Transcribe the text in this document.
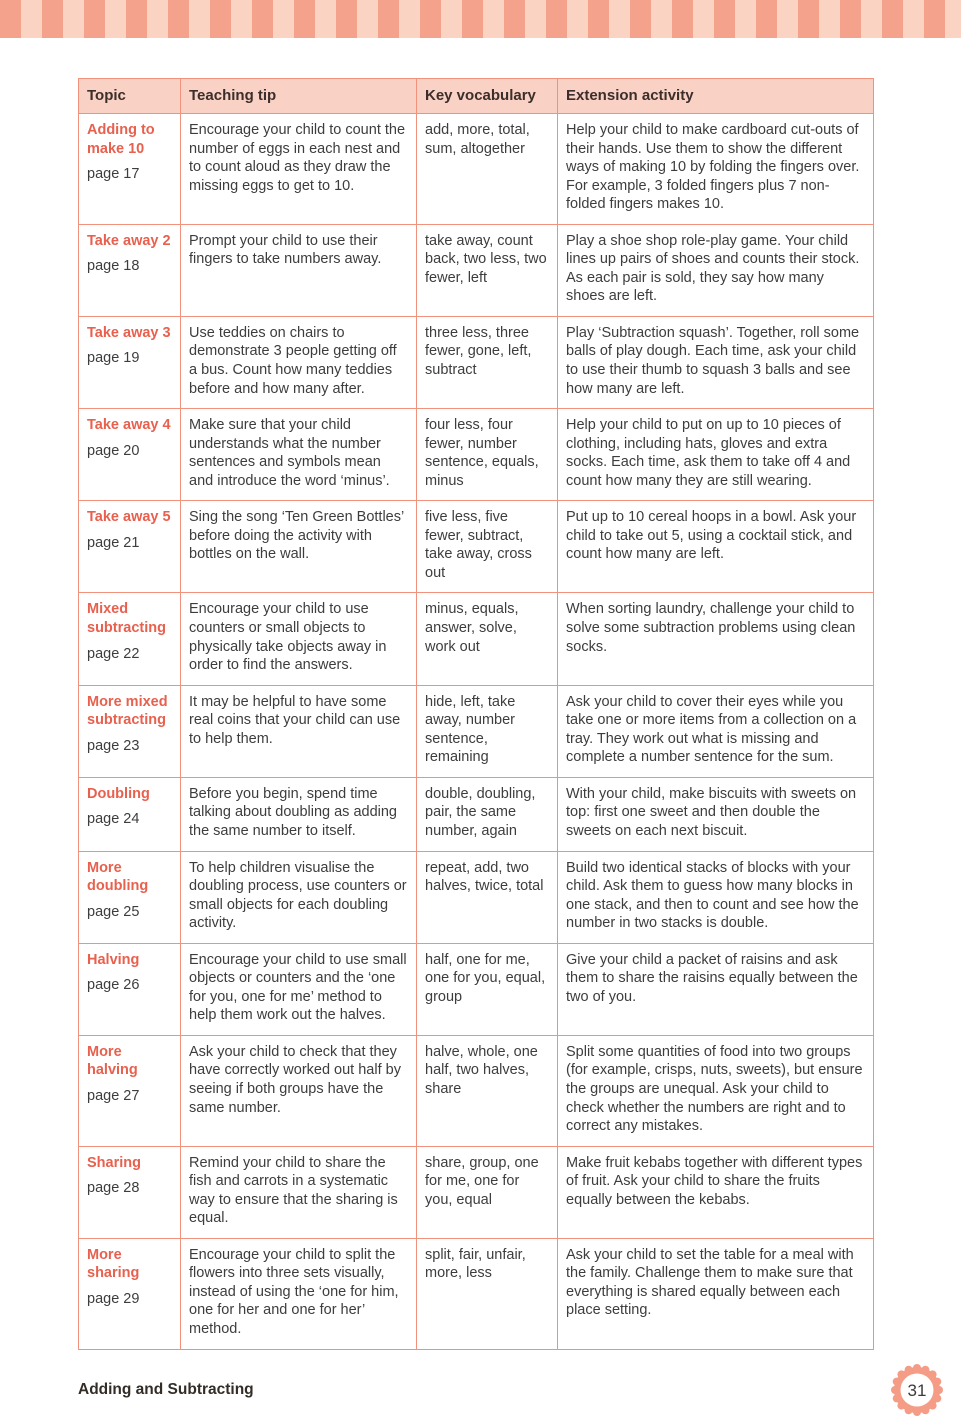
Topic	Teaching tip	Key vocabulary	Extension activity

Adding to make 10
page 17	Encourage your child to count the number of eggs in each nest and to count aloud as they draw the missing eggs to get to 10.	add, more, total, sum, altogether	Help your child to make cardboard cut-outs of their hands. Use them to show the different ways of making 10 by folding the fingers over. For example, 3 folded fingers plus 7 non-folded fingers makes 10.

Take away 2
page 18	Prompt your child to use their fingers to take numbers away.	take away, count back, two less, two fewer, left	Play a shoe shop role-play game. Your child lines up pairs of shoes and counts their stock. As each pair is sold, they say how many shoes are left.

Take away 3
page 19	Use teddies on chairs to demonstrate 3 people getting off a bus. Count how many teddies before and how many after.	three less, three fewer, gone, left, subtract	Play ‘Subtraction squash’. Together, roll some balls of play dough. Each time, ask your child to use their thumb to squash 3 balls and see how many are left.

Take away 4
page 20	Make sure that your child understands what the number sentences and symbols mean and introduce the word ‘minus’.	four less, four fewer, number sentence, equals, minus	Help your child to put on up to 10 pieces of clothing, including hats, gloves and extra socks. Each time, ask them to take off 4 and count how many they are still wearing.

Take away 5
page 21	Sing the song ‘Ten Green Bottles’ before doing the activity with bottles on the wall.	five less, five fewer, subtract, take away, cross out	Put up to 10 cereal hoops in a bowl. Ask your child to take out 5, using a cocktail stick, and count how many are left.

Mixed subtracting
page 22	Encourage your child to use counters or small objects to physically take objects away in order to find the answers.	minus, equals, answer, solve, work out	When sorting laundry, challenge your child to solve some subtraction problems using clean socks.

More mixed subtracting
page 23	It may be helpful to have some real coins that your child can use to help them.	hide, left, take away, number sentence, remaining	Ask your child to cover their eyes while you take one or more items from a collection on a tray. They work out what is missing and complete a number sentence for the sum.

Doubling
page 24	Before you begin, spend time talking about doubling as adding the same number to itself.	double, doubling, pair, the same number, again	With your child, make biscuits with sweets on top: first one sweet and then double the sweets on each next biscuit.

More doubling
page 25	To help children visualise the doubling process, use counters or small objects for each doubling activity.	repeat, add, two halves, twice, total	Build two identical stacks of blocks with your child. Ask them to guess how many blocks in one stack, and then to count and see how the number in two stacks is double.

Halving
page 26	Encourage your child to use small objects or counters and the ‘one for you, one for me’ method to help them work out the halves.	half, one for me, one for you, equal, group	Give your child a packet of raisins and ask them to share the raisins equally between the two of you.

More halving
page 27	Ask your child to check that they have correctly worked out half by seeing if both groups have the same number.	halve, whole, one half, two halves, share	Split some quantities of food into two groups (for example, crisps, nuts, sweets), but ensure the groups are unequal. Ask your child to check whether the numbers are right and to correct any mistakes.

Sharing
page 28	Remind your child to share the fish and carrots in a systematic way to ensure that the sharing is equal.	share, group, one for me, one for you, equal	Make fruit kebabs together with different types of fruit. Ask your child to share the fruits equally between the kebabs.

More sharing
page 29	Encourage your child to split the flowers into three sets visually, instead of using the ‘one for him, one for her and one for her’ method.	split, fair, unfair, more, less	Ask your child to set the table for a meal with the family. Challenge them to make sure that everything is shared equally between each place setting.
Adding and Subtracting	31
